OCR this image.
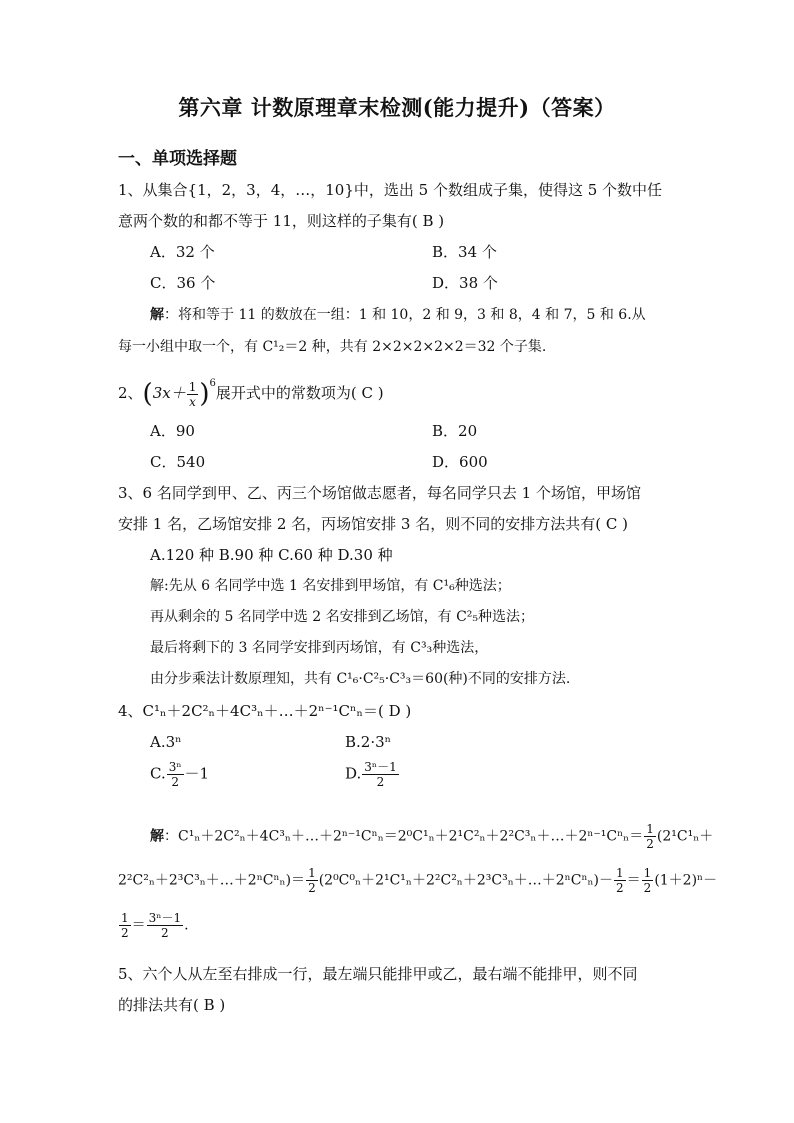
第六章 计数原理章末检测(能力提升)（答案）
一、单项选择题
1、从集合{1，2，3，4，…，10}中，选出 5 个数组成子集，使得这 5 个数中任
意两个数的和都不等于 11，则这样的子集有( B )
A．32 个	B．34 个
C．36 个	D．38 个
解：将和等于 11 的数放在一组：1 和 10，2 和 9，3 和 8，4 和 7，5 和 6.从
每一小组中取一个，有 C¹₂＝2 种，共有 2×2×2×2×2＝32 个子集.
2、$(3x+ \frac{1}{x} )^6$展开式中的常数项为( C )
A．90	B．20
C．540	D．600
3、6 名同学到甲、乙、丙三个场馆做志愿者，每名同学只去 1 个场馆，甲场馆
安排 1 名，乙场馆安排 2 名，丙场馆安排 3 名，则不同的安排方法共有( C )
A.120 种 B.90 种 C.60 种 D.30 种
解:先从 6 名同学中选 1 名安排到甲场馆，有 C¹₆种选法；
再从剩余的 5 名同学中选 2 名安排到乙场馆，有 C²₅种选法；
最后将剩下的 3 名同学安排到丙场馆，有 C³₃种选法，
由分步乘法计数原理知，共有 C¹₆·C²₅·C³₃＝60(种)不同的安排方法.
4、C¹ₙ＋2C²ₙ＋4C³ₙ＋…＋2ⁿ⁻¹Cⁿₙ＝( D )
A.3ⁿ	B.2·3ⁿ
C. $\frac{\text{3ⁿ}}{2} -1$	D. $\frac{\text{3ⁿ－1}}{2}$
解：C¹ₙ＋2C²ₙ＋4C³ₙ＋…＋2ⁿ⁻¹Cⁿₙ＝2⁰C¹ₙ＋2¹C²ₙ＋2²C³ₙ＋…＋2ⁿ⁻¹Cⁿₙ＝ $\frac{1}{2} (2^1C^1_n+$
2²C²ₙ＋2³C³ₙ＋…＋2ⁿCⁿₙ)＝ $\frac{1}{2}$ (2⁰C⁰ₙ＋2¹C¹ₙ＋2²C²ₙ＋2³C³ₙ＋…＋2ⁿCⁿₙ)－ $\frac{1}{2} = \frac{1}{2} (1+2)^n-$
$\frac{1}{2} = \frac{\text{3ⁿ－1}}{2}$ .
5、六个人从左至右排成一行，最左端只能排甲或乙，最右端不能排甲，则不同
的排法共有( B )
